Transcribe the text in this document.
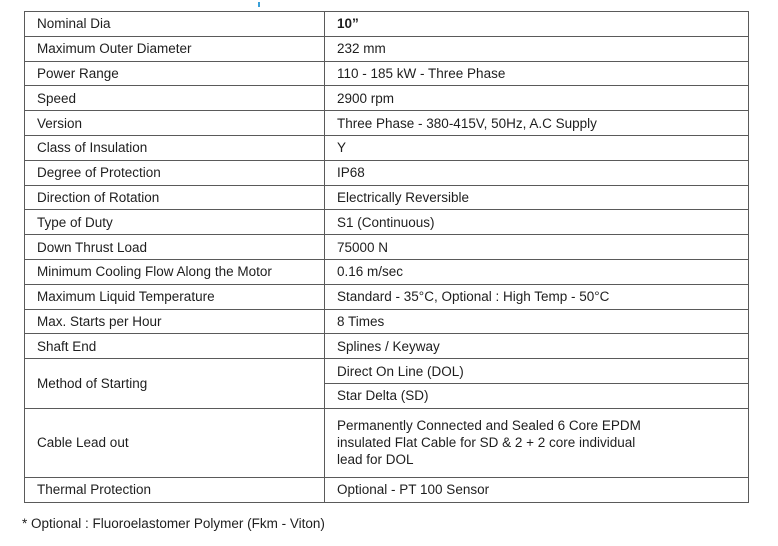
Nominal Dia	10”
Maximum Outer Diameter	232 mm
Power Range	110 - 185 kW - Three Phase
Speed	2900 rpm
Version	Three Phase - 380-415V, 50Hz, A.C Supply
Class of Insulation	Y
Degree of Protection	IP68
Direction of Rotation	Electrically Reversible
Type of Duty	S1 (Continuous)
Down Thrust Load	75000 N
Minimum Cooling Flow Along the Motor	0.16 m/sec
Maximum Liquid Temperature	Standard - 35°C, Optional : High Temp - 50°C
Max. Starts per Hour	8 Times
Shaft End	Splines / Keyway
Method of Starting	Direct On Line (DOL)
	Star Delta (SD)
Cable Lead out	Permanently Connected and Sealed 6 Core EPDM
insulated Flat Cable for SD & 2 + 2 core individual
lead for DOL

Thermal Protection	Optional - PT 100 Sensor
* Optional : Fluoroelastomer Polymer (Fkm - Viton)
